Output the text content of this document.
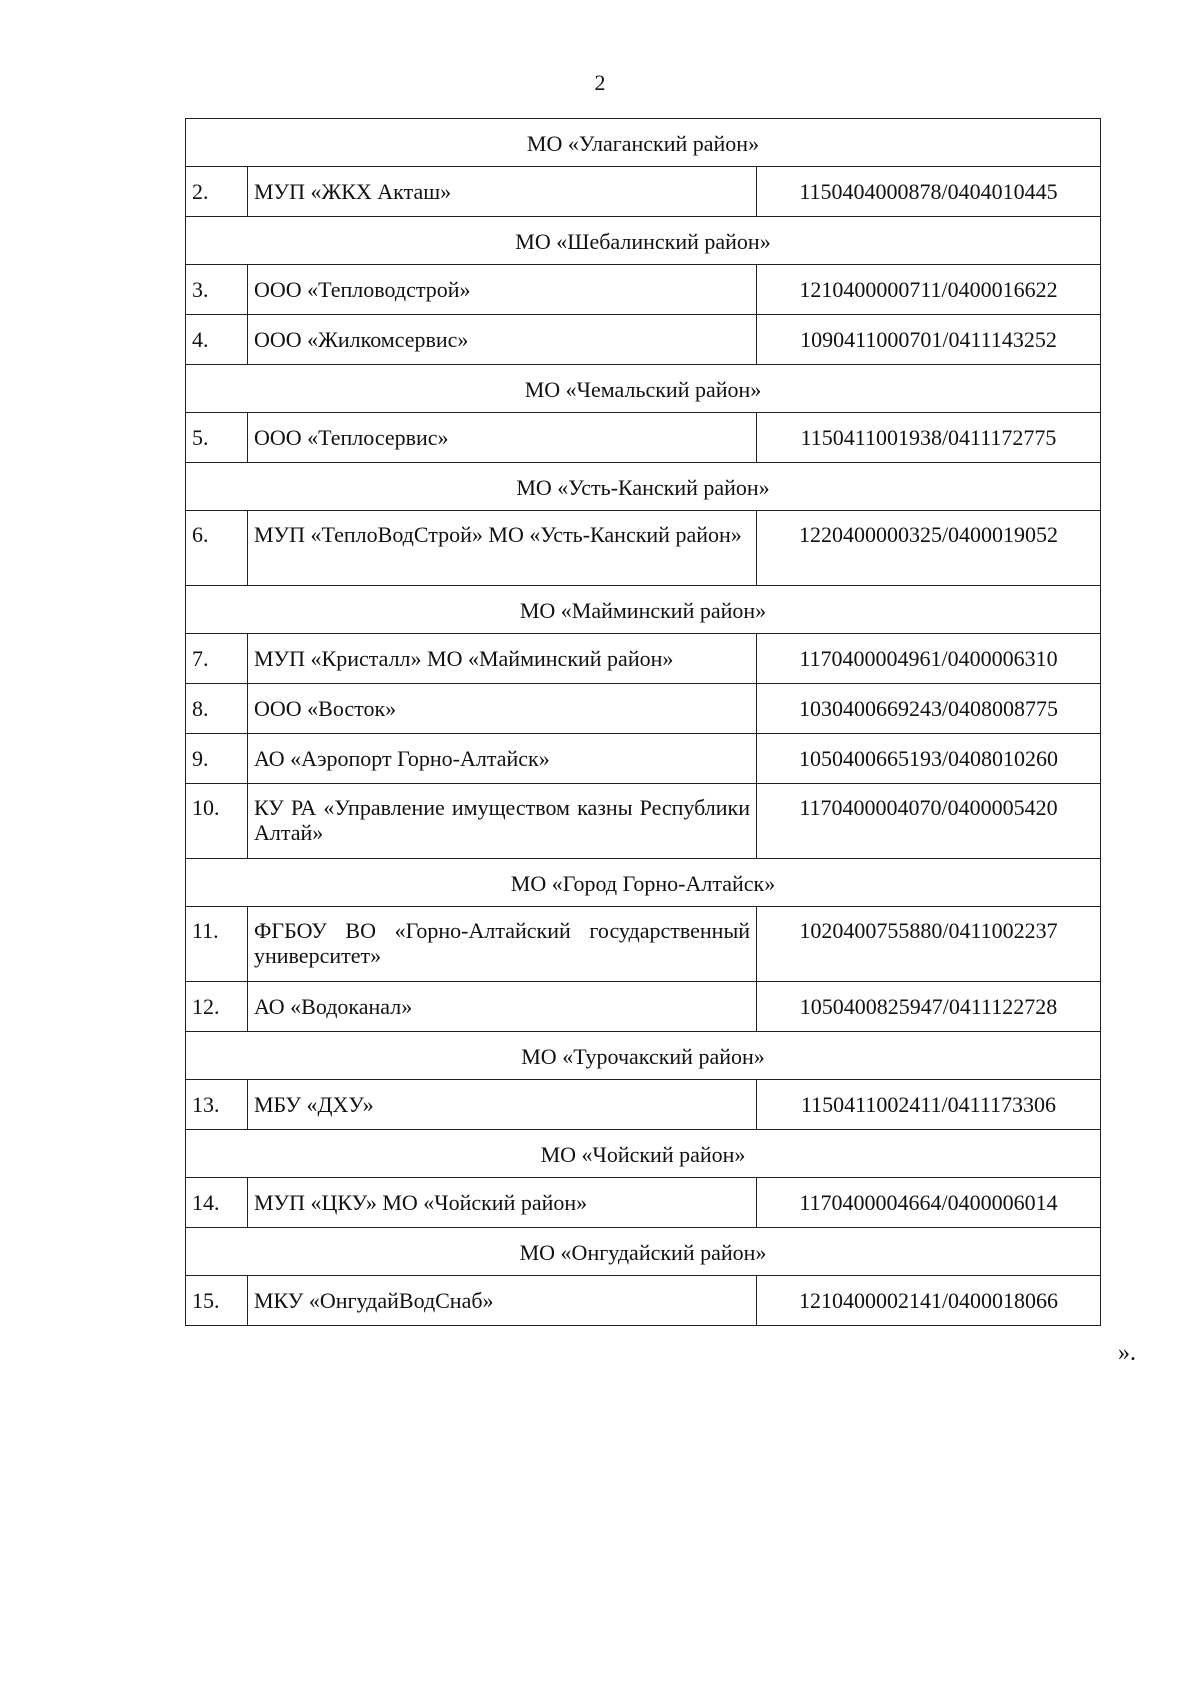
2
МО «Улаганский район»		
2.	МУП «ЖКХ Акташ»	1150404000878/0404010445
МО «Шебалинский район»		
3.	ООО «Тепловодстрой»	1210400000711/0400016622
4.	ООО «Жилкомсервис»	1090411000701/0411143252
МО «Чемальский район»		
5.	ООО «Теплосервис»	1150411001938/0411172775
МО «Усть-Канский район»		
6.	МУП «ТеплоВодСтрой» МО «Усть-Канский район»	1220400000325/0400019052
МО «Майминский район»		
7.	МУП «Кристалл» МО «Майминский район»	1170400004961/0400006310
8.	ООО «Восток»	1030400669243/0408008775
9.	АО «Аэропорт Горно-Алтайск»	1050400665193/0408010260
10.	КУ РА «Управление имуществом казны Республики Алтай»	1170400004070/0400005420
МО «Город Горно-Алтайск»		
11.	ФГБОУ ВО «Горно-Алтайский государственный университет»	1020400755880/0411002237
12.	АО «Водоканал»	1050400825947/0411122728
МО «Турочакский район»		
13.	МБУ «ДХУ»	1150411002411/0411173306
МО «Чойский район»		
14.	МУП «ЦКУ» МО «Чойский район»	1170400004664/0400006014
МО «Онгудайский район»		
15.	МКУ «ОнгудайВодСнаб»	1210400002141/0400018066
».
